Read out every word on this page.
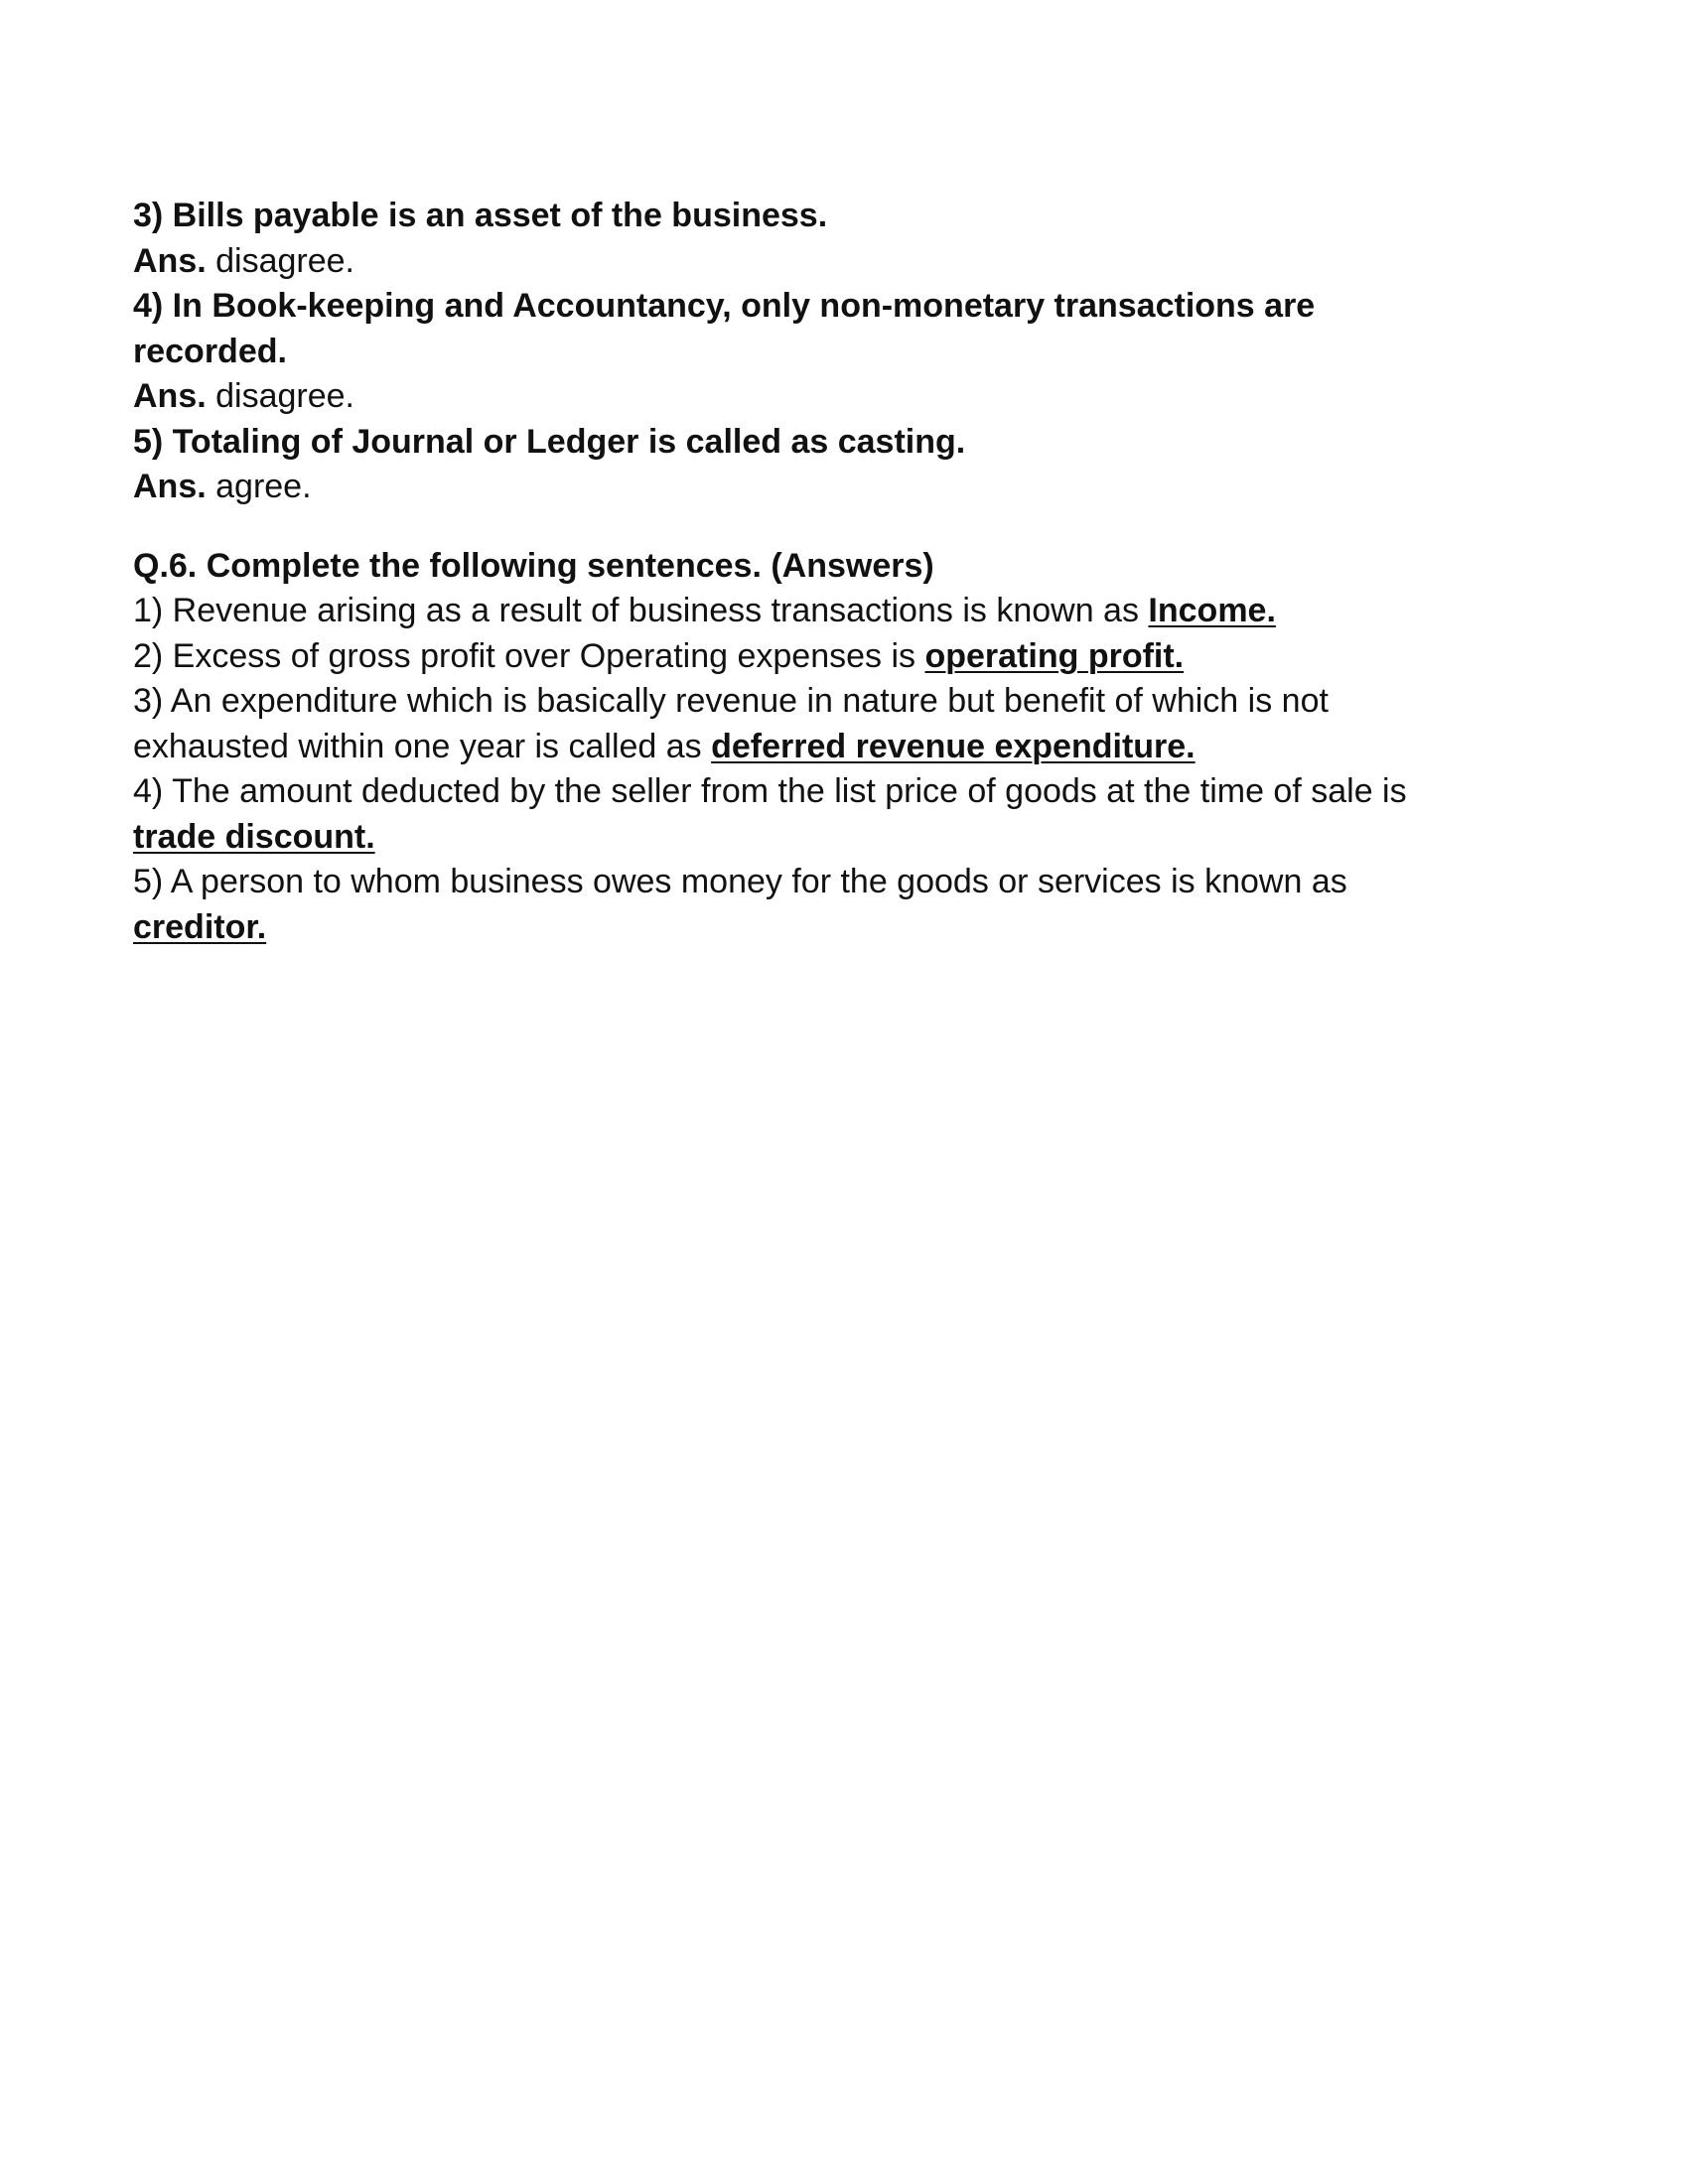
3) Bills payable is an asset of the business.

Ans. disagree.

4) In Book-keeping and Accountancy, only non-monetary transactions are

recorded.

Ans. disagree.

5) Totaling of Journal or Ledger is called as casting.

Ans. agree.

Q.6. Complete the following sentences. (Answers)

1) Revenue arising as a result of business transactions is known as Income.

2) Excess of gross profit over Operating expenses is operating profit.

3) An expenditure which is basically revenue in nature but benefit of which is not

exhausted within one year is called as deferred revenue expenditure.

4) The amount deducted by the seller from the list price of goods at the time of sale is

trade discount.

5) A person to whom business owes money for the goods or services is known as

creditor.
